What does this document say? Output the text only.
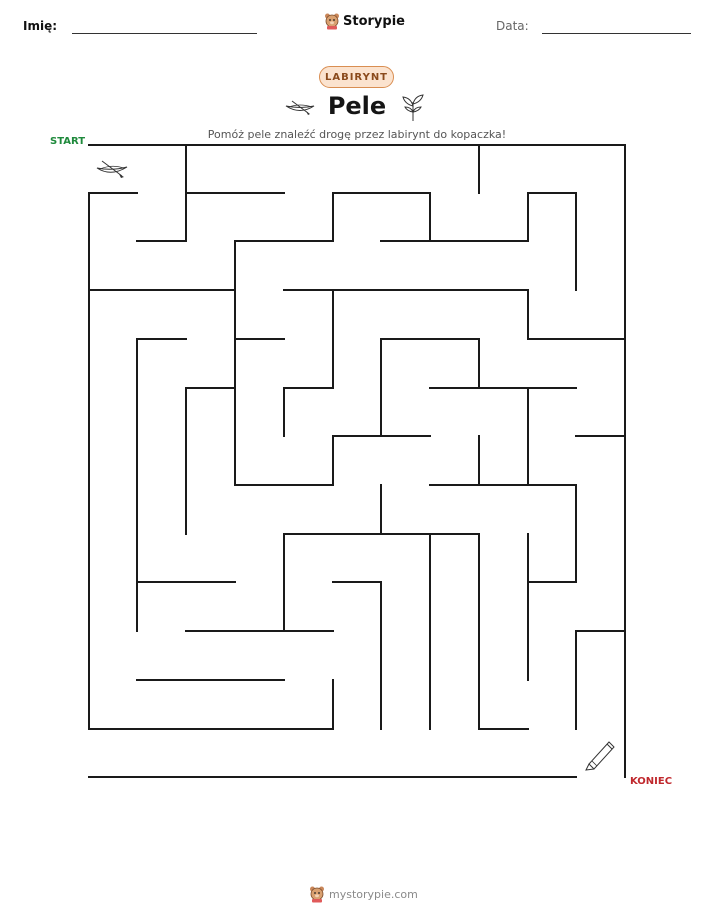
Imię:	Storypie	Data:
LABIRYNT
Pele
Pomóż pele znaleźć drogę przez labirynt do kopaczka!
START
KONIEC
mystorypie.com
